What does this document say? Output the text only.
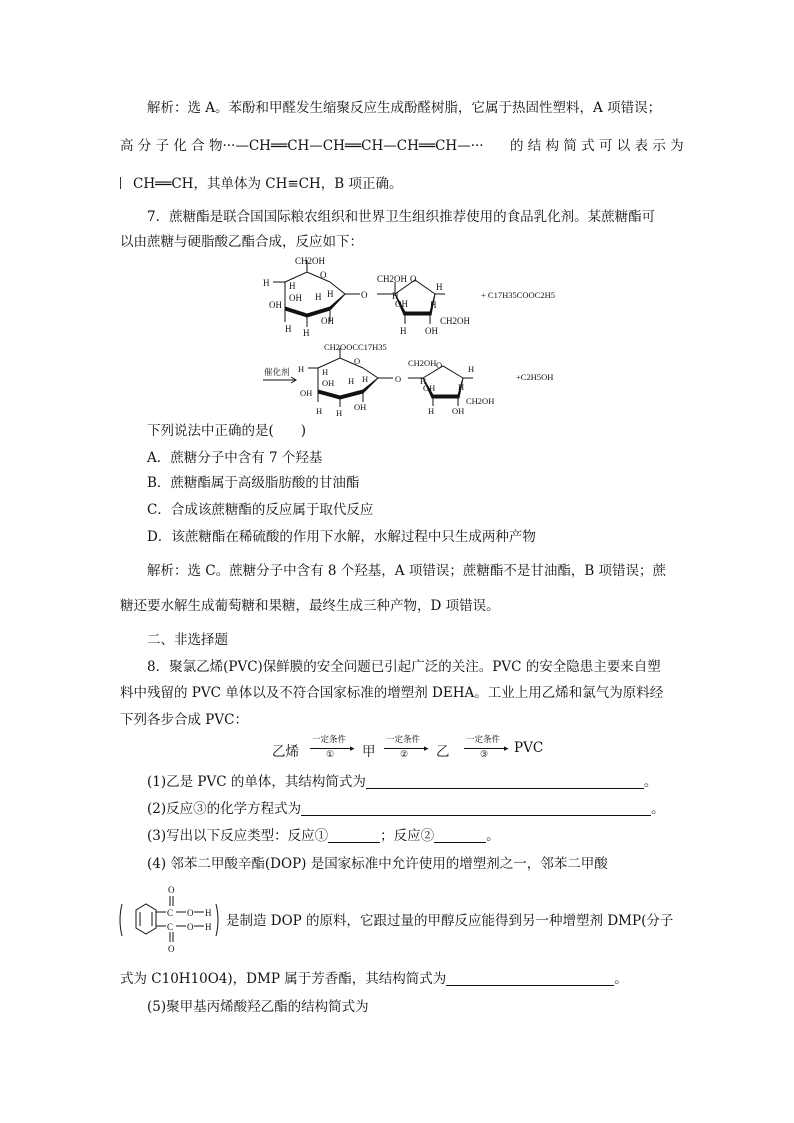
解析：选 A。苯酚和甲醛发生缩聚反应生成酚醛树脂，它属于热固性塑料，A 项错误；
高 分 子 化 合 物···—CH══CH—CH══CH—CH══CH—··· 的 结 构 简 式 可 以 表 示 为
CH══CH，其单体为 CH≡CH，B 项正确。
7．蔗糖酯是联合国国际粮农组织和世界卫生组织推荐使用的食品乳化剂。某蔗糖酯可
以由蔗糖与硬脂酸乙酯合成，反应如下：
CH2OH
O
H H
H
OH	H
OH
OH
H H
O
CH2OH O
H
OH
H
H
H OH
CH2OH
+ C17H35COOC2H5
催化剂
CH2OOCC17H35
O
H H
H
OH	H
OH
OH
H H
O
CH2OH O
H
OH
H
H
H OH
CH2OH
+C2H5OH
下列说法中正确的是(　　)
A．蔗糖分子中含有 7 个羟基
B．蔗糖酯属于高级脂肪酸的甘油酯
C．合成该蔗糖酯的反应属于取代反应
D．该蔗糖酯在稀硫酸的作用下水解，水解过程中只生成两种产物
解析：选 C。蔗糖分子中含有 8 个羟基，A 项错误；蔗糖酯不是甘油酯，B 项错误；蔗
糖还要水解生成葡萄糖和果糖，最终生成三种产物，D 项错误。
二、非选择题
8．聚氯乙烯(PVC)保鲜膜的安全问题已引起广泛的关注。PVC 的安全隐患主要来自塑
料中残留的 PVC 单体以及不符合国家标准的增塑剂 DEHA。工业上用乙烯和氯气为原料经
下列各步合成 PVC：
乙烯
一定条件
▸
① 甲
一定条件
▸
② 乙
一定条件
▸
③ PVC
(1)乙是 PVC 的单体，其结构简式为	。
(2)反应③的化学方程式为	。
(3)写出以下反应类型：反应①	；反应②	。
(4) 邻苯二甲酸辛酯(DOP) 是国家标准中允许使用的增塑剂之一，邻苯二甲酸
O
C O H
C O H
O
是制造 DOP 的原料，它跟过量的甲醇反应能得到另一种增塑剂 DMP(分子
式为 C10H10O4)，DMP 属于芳香酯，其结构简式为	。
(5)聚甲基丙烯酸羟乙酯的结构简式为
